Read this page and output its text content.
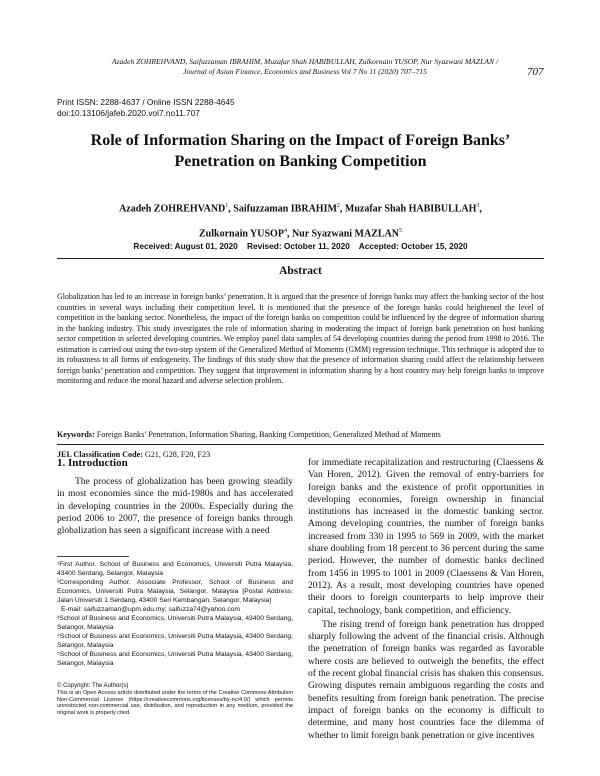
Azadeh ZOHREHVAND, Saifuzzaman IBRAHIM, Muzafar Shah HABIBULLAH, Zulkornain YUSOP, Nur Syazwani MAZLAN /
Journal of Asian Finance, Economics and Business Vol 7 No 11 (2020) 707–715	707
Print ISSN: 2288-4637 / Online ISSN 2288-4645
doi:10.13106/jafeb.2020.vol7.no11.707
Role of Information Sharing on the Impact of Foreign Banks’
Penetration on Banking Competition
Azadeh ZOHREHVAND$^1$, Saifuzzaman IBRAHIM$^2$, Muzafar Shah HABIBULLAH$^3$,
Zulkornain YUSOP$^4$, Nur Syazwani MAZLAN$^5$
Received: August 01, 2020    Revised: October 11, 2020    Accepted: October 15, 2020
Abstract

Globalization has led to an increase in foreign banks’ penetration. It is argued that the presence of foreign banks may affect the banking sector of the host countries in several ways including their competition level. It is mentioned that the presence of the foreign banks could heightened the level of competition in the banking sector. Nonetheless, the impact of the foreign banks on competition could be influenced by the degree of information sharing in the banking industry. This study investigates the role of information sharing in moderating the impact of foreign bank penetration on host banking sector competition in selected developing countries. We employ panel data samples of 54 developing countries during the period from 1998 to 2016. The estimation is carried out using the two-step system of the Generalized Method of Moments (GMM) regression technique. This technique is adopted due to its robustness to all forms of endogeneity. The findings of this study show that the presence of information sharing could affect the relationship between foreign banks’ penetration and competition. They suggest that improvement in information sharing by a host country may help foreign banks to improve monitoring and reduce the moral hazard and adverse selection problem.

Keywords: Foreign Banks’ Penetration, Information Sharing, Banking Competition, Generalized Method of Moments
JEL Classification Code: G21, G28, F20, F23
1. Introduction

The process of globalization has been growing steadily in most economies since the mid-1980s and has accelerated in developing countries in the 2000s. Especially during the period 2006 to 2007, the presence of foreign banks through globalization has seen a significant increase with a need

¹First Author. School of Business and Economics, Universiti Putra Malaysia, 43400 Serdang, Selangor, Malaysia

²Corresponding Author. Associate Professor, School of Business and Economics, Universiti Putra Malaysia, Selangor, Malaysia [Postal Address: Jalan Universiti 1 Serdang, 43400 Seri Kembangan, Selangor, Malaysia]

E-mail: saifuzzaman@upm.edu.my; saifuzza74@yahoo.com

³School of Business and Economics, Universiti Putra Malaysia, 43400 Serdang, Selangor, Malaysia

⁴School of Business and Economics, Universiti Putra Malaysia, 43400 Serdang, Selangor, Malaysia

⁵School of Business and Economics, Universiti Putra Malaysia, 43400 Serdang, Selangor, Malaysia

© Copyright: The Author(s)
This is an Open Access article distributed under the terms of the Creative Commons Attribution Non-Commercial License (https://creativecommons.org/licenses/by-nc/4.0/) which permits unrestricted non-commercial use, distribution, and reproduction in any medium, provided the original work is properly cited.

for immediate recapitalization and restructuring (Claessens & Van Horen, 2012). Given the removal of entry-barriers for foreign banks and the existence of profit opportunities in developing economies, foreign ownership in financial institutions has increased in the domestic banking sector. Among developing countries, the number of foreign banks increased from 330 in 1995 to 569 in 2009, with the market share doubling from 18 percent to 36 percent during the same period. However, the number of domestic banks declined from 1456 in 1995 to 1001 in 2009 (Claessens & Van Horen, 2012). As a result, most developing countries have opened their doors to foreign counterparts to help improve their capital, technology, bank competition, and efficiency.

The rising trend of foreign bank penetration has dropped sharply following the advent of the financial crisis. Although the penetration of foreign banks was regarded as favorable where costs are believed to outweigh the benefits, the effect of the recent global financial crisis has shaken this consensus. Growing disputes remain ambiguous regarding the costs and benefits resulting from foreign bank penetration. The precise impact of foreign banks on the economy is difficult to determine, and many host countries face the dilemma of whether to limit foreign bank penetration or give incentives
